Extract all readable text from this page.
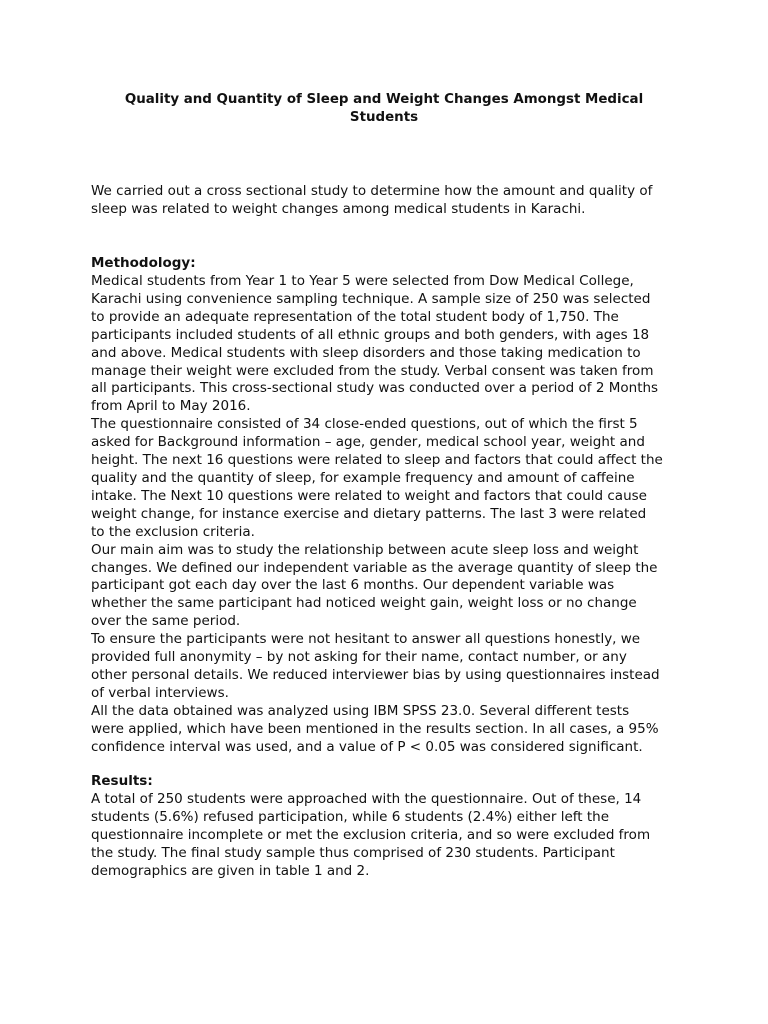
Quality and Quantity of Sleep and Weight Changes Amongst Medical
Students

We carried out a cross sectional study to determine how the amount and quality of
sleep was related to weight changes among medical students in Karachi.

Methodology:

Medical students from Year 1 to Year 5 were selected from Dow Medical College,
Karachi using convenience sampling technique. A sample size of 250 was selected
to provide an adequate representation of the total student body of 1,750. The
participants included students of all ethnic groups and both genders, with ages 18
and above. Medical students with sleep disorders and those taking medication to
manage their weight were excluded from the study. Verbal consent was taken from
all participants. This cross-sectional study was conducted over a period of 2 Months
from April to May 2016.
The questionnaire consisted of 34 close-ended questions, out of which the first 5
asked for Background information – age, gender, medical school year, weight and
height. The next 16 questions were related to sleep and factors that could affect the
quality and the quantity of sleep, for example frequency and amount of caffeine
intake. The Next 10 questions were related to weight and factors that could cause
weight change, for instance exercise and dietary patterns. The last 3 were related
to the exclusion criteria.
Our main aim was to study the relationship between acute sleep loss and weight
changes. We defined our independent variable as the average quantity of sleep the
participant got each day over the last 6 months. Our dependent variable was
whether the same participant had noticed weight gain, weight loss or no change
over the same period.
To ensure the participants were not hesitant to answer all questions honestly, we
provided full anonymity – by not asking for their name, contact number, or any
other personal details. We reduced interviewer bias by using questionnaires instead
of verbal interviews.
All the data obtained was analyzed using IBM SPSS 23.0. Several different tests
were applied, which have been mentioned in the results section. In all cases, a 95%
confidence interval was used, and a value of P < 0.05 was considered significant.

Results:

A total of 250 students were approached with the questionnaire. Out of these, 14
students (5.6%) refused participation, while 6 students (2.4%) either left the
questionnaire incomplete or met the exclusion criteria, and so were excluded from
the study. The final study sample thus comprised of 230 students. Participant
demographics are given in table 1 and 2.
